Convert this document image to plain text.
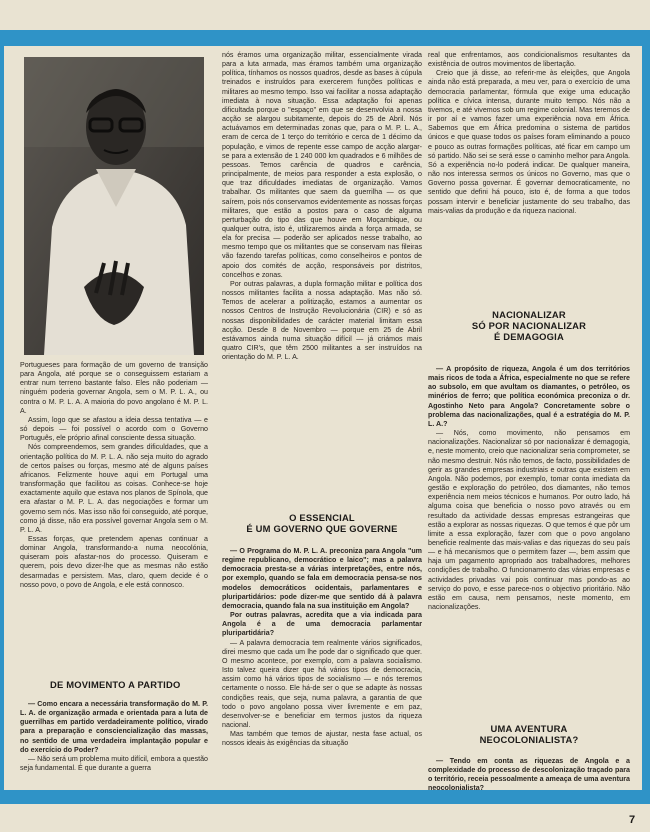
Portugueses para formação de um governo de transição para Angola, até porque se o conseguissem estariam a entrar num terreno bastante falso. Eles não poderiam — ninguém poderia governar Angola, sem o M. P. L. A., ou contra o M. P. L. A. A maioria do povo angolano é M. P. L. A.

Assim, logo que se afastou a ideia dessa tentativa — e só depois — foi possível o acordo com o Governo Português, ele próprio afinal consciente dessa situação.

Nós compreendemos, sem grandes dificuldades, que a orientação política do M. P. L. A. não seja muito do agrado de certos países ou forças, mesmo até de alguns países africanos. Felizmente houve aqui em Portugal uma transformação que facilitou as coisas. Conhece-se hoje exactamente aquilo que estava nos planos de Spínola, que era afastar o M. P. L. A. das negociações e formar um governo sem nós. Mas isso não foi conseguido, até porque, como já disse, não era possível governar Angola sem o M. P. L. A.

Essas forças, que pretendem apenas continuar a dominar Angola, transformando-a numa neocolónia, quiseram pois afastar-nos do processo. Quiseram e querem, pois devo dizer-lhe que as mesmas não estão desarmadas e persistem. Mas, claro, quem decide é o nosso povo, o povo de Angola, e ele está connosco.

DE MOVIMENTO A PARTIDO

— Como encara a necessária transformação do M. P. L. A. de organização armada e orientada para a luta de guerrilhas em partido verdadeiramente político, virado para a preparação e consciencialização das massas, no sentido de uma verdadeira implantação popular e do exercício do Poder?

— Não será um problema muito difícil, embora a questão seja fundamental. É que durante a guerra

nós éramos uma organização militar, essencialmente virada para a luta armada, mas éramos também uma organização política, tínhamos os nossos quadros, desde as bases à cúpula treinados e instruídos para exercerem funções políticas e militares ao mesmo tempo. Isso vai facilitar a nossa adaptação imediata à nova situação. Essa adaptação foi apenas dificultada porque o "espaço" em que se desenvolvia a nossa acção se alargou subitamente, depois do 25 de Abril. Nós actuávamos em determinadas zonas que, para o M. P. L. A., eram de cerca de 1 terço do território e cerca de 1 décimo da população, e vimos de repente esse campo de acção alargar-se para a extensão de 1 240 000 km quadrados e 6 milhões de pessoas. Temos carência de quadros e carência, principalmente, de meios para responder a esta explosão, o que traz dificuldades imediatas de organização. Vamos trabalhar. Os militantes que saem da guerrilha — os que saírem, pois nós conservamos evidentemente as nossas forças militares, que estão a postos para o caso de alguma perturbação do tipo das que houve em Moçambique, ou qualquer outra, isto é, utilizaremos ainda a força armada, se ela for precisa — poderão ser aplicados nesse trabalho, ao mesmo tempo que os militantes que se conservam nas fileiras vão fazendo tarefas políticas, como conselheiros e pontos de apoio dos comités de acção, responsáveis por distritos, concelhos e zonas.

Por outras palavras, a dupla formação militar e política dos nossos militantes facilita a nossa adaptação. Mas não só. Temos de acelerar a politização, estamos a aumentar os nossos Centros de Instrução Revolucionária (CIR) e só as nossas disponibilidades de carácter material limitam essa acção. Desde 8 de Novembro — porque em 25 de Abril estávamos ainda numa situação difícil — já criámos mais quatro CIR's, que têm 2500 militantes a ser instruídos na orientação do M. P. L. A.

O ESSENCIAL
É UM GOVERNO QUE GOVERNE

— O Programa do M. P. L. A. preconiza para Angola "um regime republicano, democrático e laico"; mas a palavra democracia presta-se a várias interpretações, entre nós, por exemplo, quando se fala em democracia pensa-se nos modelos democráticos ocidentais, parlamentares e pluripartidários: pode dizer-me que sentido dá à palavra democracia, quando fala na sua instituição em Angola?

Por outras palavras, acredita que a via indicada para Angola é a de uma democracia parlamentar pluripartidária?

— A palavra democracia tem realmente vários significados, direi mesmo que cada um lhe pode dar o significado que quer. O mesmo acontece, por exemplo, com a palavra socialismo. Isto talvez queira dizer que há vários tipos de democracia, assim como há vários tipos de socialismo — e nós teremos certamente o nosso. Ele há-de ser o que se adapte às nossas condições reais, que seja, numa palavra, a garantia de que todo o povo angolano possa viver livremente e em paz, desenvolver-se e beneficiar em termos justos da riqueza nacional.

Mas também que temos de ajustar, nesta fase actual, os nossos ideais às exigências da situação

real que enfrentamos, aos condicionalismos resultantes da existência de outros movimentos de libertação.

Creio que já disse, ao referir-me às eleições, que Angola ainda não está preparada, a meu ver, para o exercício de uma democracia parlamentar, fórmula que exige uma educação política e cívica intensa, durante muito tempo. Nós não a tivemos, e até vivemos sob um regime colonial. Mas teremos de ir por aí e vamos fazer uma experiência nova em África. Sabemos que em África predomina o sistema de partidos únicos e que quase todos os países foram eliminando a pouco e pouco as outras formações políticas, até ficar em campo um só partido. Não sei se será esse o caminho melhor para Angola. Só a experiência no-lo poderá indicar. De qualquer maneira, não nos interessa sermos os únicos no Governo, mas que o Governo possa governar. É governar democraticamente, no sentido que defini há pouco, isto é, de forma a que todos possam intervir e beneficiar justamente do seu trabalho, das mais-valias da produção e da riqueza nacional.

NACIONALIZAR
SÓ POR NACIONALIZAR
É DEMAGOGIA

— A propósito de riqueza, Angola é um dos territórios mais ricos de toda a África, especialmente no que se refere ao subsolo, em que avultam os diamantes, o petróleo, os minérios de ferro; que política económica preconiza o dr. Agostinho Neto para Angola? Concretamente sobre o problema das nacionalizações, qual é a estratégia do M. P. L. A.?

— Nós, como movimento, não pensamos em nacionalizações. Nacionalizar só por nacionalizar é demagogia, e, neste momento, creio que nacionalizar seria comprometer, se não mesmo destruir. Nós não temos, de facto, possibilidades de gerir as grandes empresas industriais e outras que existem em Angola. Não podemos, por exemplo, tomar conta imediata da gestão e exploração do petróleo, dos diamantes, não temos experiência nem meios técnicos e humanos. Por outro lado, há alguma coisa que beneficia o nosso povo através ou em resultado da actividade dessas empresas estrangeiras que estão a explorar as nossas riquezas. O que temos é que pôr um limite a essa exploração, fazer com que o povo angolano beneficie realmente das mais-valias e das riquezas do seu país — e há mecanismos que o permitem fazer —, bem assim que haja um pagamento apropriado aos trabalhadores, melhores condições de trabalho. O funcionamento das várias empresas e actividades privadas vai pois continuar mas pondo-as ao serviço do povo, e esse parece-nos o objectivo prioritário. Não estão em causa, nem pensamos, neste momento, em nacionalizações.

UMA AVENTURA
NEOCOLONIALISTA?

— Tendo em conta as riquezas de Angola e a complexidade do processo de descolonização traçado para o território, receia pessoalmente a ameaça de uma aventura neocolonialista?

7
